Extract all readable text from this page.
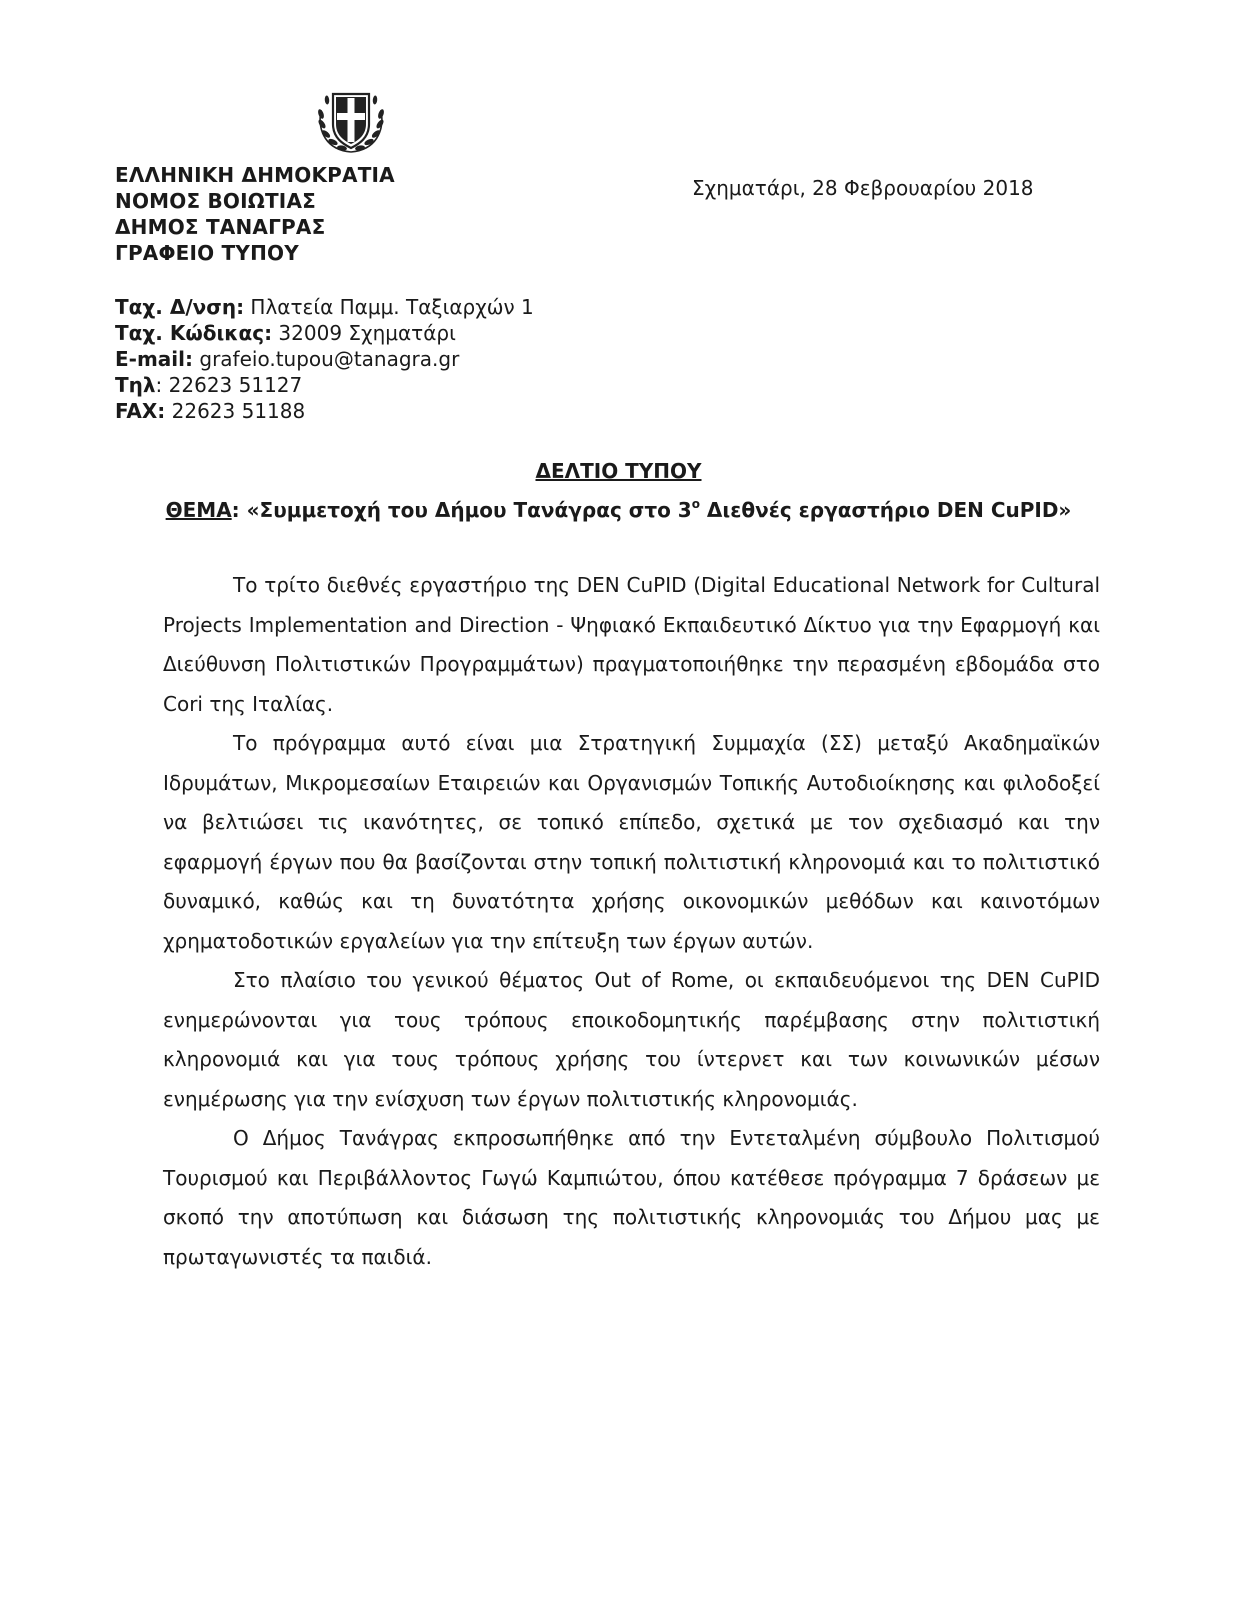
ΕΛΛΗΝΙΚΗ ΔΗΜΟΚΡΑΤΙΑ
ΝΟΜΟΣ ΒΟΙΩΤΙΑΣ
ΔΗΜΟΣ ΤΑΝΑΓΡΑΣ
ΓΡΑΦΕΙΟ ΤΥΠΟΥ
Σχηματάρι, 28 Φεβρουαρίου 2018
Ταχ. Δ/νση: Πλατεία Παμμ. Ταξιαρχών 1
Ταχ. Κώδικας: 32009 Σχηματάρι
E-mail: grafeio.tupou@tanagra.gr
Τηλ: 22623 51127
FAX: 22623 51188
ΔΕΛΤΙΟ ΤΥΠΟΥ
ΘΕΜΑ: «Συμμετοχή του Δήμου Τανάγρας στο $3^o$ Διεθνές εργαστήριο DEN CuPID»

Το τρίτο διεθνές εργαστήριο της DEN CuPID (Digital Educational Network for Cultural Projects Implementation and Direction - Ψηφιακό Εκπαιδευτικό Δίκτυο για την Εφαρμογή και Διεύθυνση Πολιτιστικών Προγραμμάτων) πραγματοποιήθηκε την περασμένη εβδομάδα στο Cori της Ιταλίας.

Το πρόγραμμα αυτό είναι μια Στρατηγική Συμμαχία (ΣΣ) μεταξύ Ακαδημαϊκών Ιδρυμάτων, Μικρομεσαίων Εταιρειών και Οργανισμών Τοπικής Αυτοδιοίκησης και φιλοδοξεί να βελτιώσει τις ικανότητες, σε τοπικό επίπεδο, σχετικά με τον σχεδιασμό και την εφαρμογή έργων που θα βασίζονται στην τοπική πολιτιστική κληρονομιά και το πολιτιστικό δυναμικό, καθώς και τη δυνατότητα χρήσης οικονομικών μεθόδων και καινοτόμων χρηματοδοτικών εργαλείων για την επίτευξη των έργων αυτών.

Στο πλαίσιο του γενικού θέματος Out of Rome, οι εκπαιδευόμενοι της DEN CuPID ενημερώνονται για τους τρόπους εποικοδομητικής παρέμβασης στην πολιτιστική κληρονομιά και για τους τρόπους χρήσης του ίντερνετ και των κοινωνικών μέσων ενημέρωσης για την ενίσχυση των έργων πολιτιστικής κληρονομιάς.

Ο Δήμος Τανάγρας εκπροσωπήθηκε από την Εντεταλμένη σύμβουλο Πολιτισμού Τουρισμού και Περιβάλλοντος Γωγώ Καμπιώτου, όπου κατέθεσε πρόγραμμα 7 δράσεων με σκοπό την αποτύπωση και διάσωση της πολιτιστικής κληρονομιάς του Δήμου μας με πρωταγωνιστές τα παιδιά.
